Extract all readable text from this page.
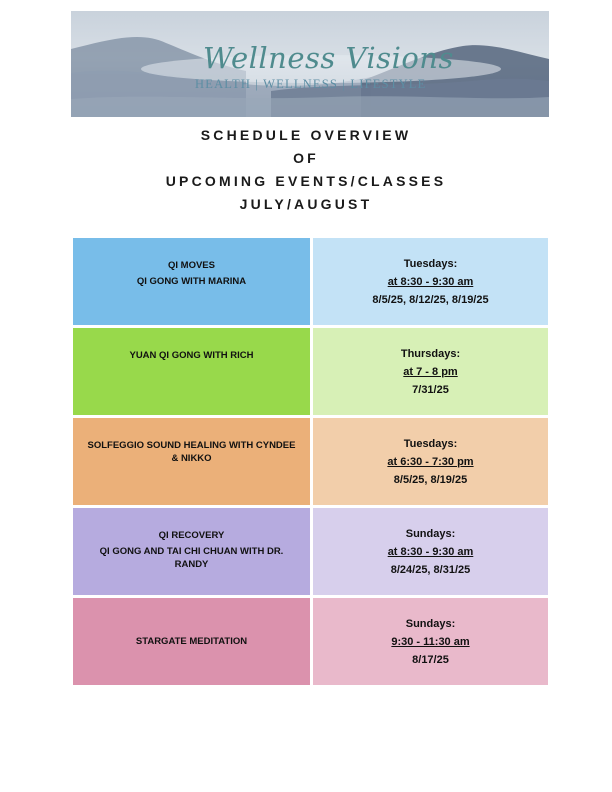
Wellness Visions
HEALTH | WELLNESS | LIFESTYLE
SCHEDULE OVERVIEW
OF
UPCOMING EVENTS/CLASSES
JULY/AUGUST
QI MOVES
QI GONG WITH MARINA
Tuesdays:
at 8:30 - 9:30 am
8/5/25, 8/12/25, 8/19/25
YUAN QI GONG WITH RICH	Thursdays:
at 7 - 8 pm
7/31/25
SOLFEGGIO SOUND HEALING WITH CYNDEE
& NIKKO
Tuesdays:
at 6:30 - 7:30 pm
8/5/25, 8/19/25
QI RECOVERY
QI GONG AND TAI CHI CHUAN WITH DR.
RANDY
Sundays:
at 8:30 - 9:30 am
8/24/25, 8/31/25
STARGATE MEDITATION
Sundays:
9:30 - 11:30 am
8/17/25
